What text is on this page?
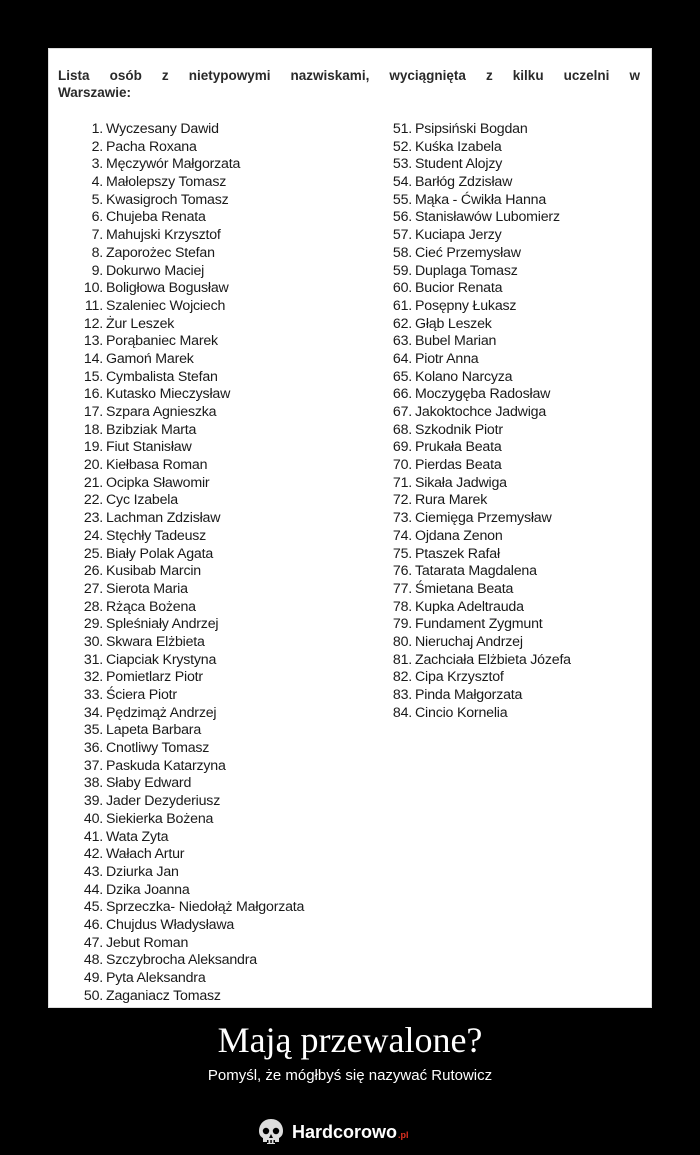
Lista osób z nietypowymi nazwiskami, wyciągnięta z kilku uczelni w
Warszawie:
1. Wyczesany Dawid
2. Pacha Roxana
3. Męczywór Małgorzata
4. Małolepszy Tomasz
5. Kwasigroch Tomasz
6. Chujeba Renata
7. Mahujski Krzysztof
8. Zaporożec Stefan
9. Dokurwo Maciej
10. Boligłowa Bogusław
11. Szaleniec Wojciech
12. Żur Leszek
13. Porąbaniec Marek
14. Gamoń Marek
15. Cymbalista Stefan
16. Kutasko Mieczysław
17. Szpara Agnieszka
18. Bzibziak Marta
19. Fiut Stanisław
20. Kiełbasa Roman
21. Ocipka Sławomir
22. Cyc Izabela
23. Lachman Zdzisław
24. Stęchły Tadeusz
25. Biały Polak Agata
26. Kusibab Marcin
27. Sierota Maria
28. Rżąca Bożena
29. Spleśniały Andrzej
30. Skwara Elżbieta
31. Ciapciak Krystyna
32. Pomietlarz Piotr
33. Ściera Piotr
34. Pędzimąż Andrzej
35. Lapeta Barbara
36. Cnotliwy Tomasz
37. Paskuda Katarzyna
38. Słaby Edward
39. Jader Dezyderiusz
40. Siekierka Bożena
41. Wata Zyta
42. Wałach Artur
43. Dziurka Jan
44. Dzika Joanna
45. Sprzeczka- Niedołąż Małgorzata
46. Chujdus Władysława
47. Jebut Roman
48. Szczybrocha Aleksandra
49. Pyta Aleksandra
50. Zaganiacz Tomasz
51. Psipsiński Bogdan
52. Kuśka Izabela
53. Student Alojzy
54. Barłóg Zdzisław
55. Mąka - Ćwikła Hanna
56. Stanisławów Lubomierz
57. Kuciapa Jerzy
58. Cieć Przemysław
59. Duplaga Tomasz
60. Bucior Renata
61. Posępny Łukasz
62. Głąb Leszek
63. Bubel Marian
64. Piotr Anna
65. Kolano Narcyza
66. Moczygęba Radosław
67. Jakoktochce Jadwiga
68. Szkodnik Piotr
69. Prukała Beata
70. Pierdas Beata
71. Sikała Jadwiga
72. Rura Marek
73. Ciemięga Przemysław
74. Ojdana Zenon
75. Ptaszek Rafał
76. Tatarata Magdalena
77. Śmietana Beata
78. Kupka Adeltrauda
79. Fundament Zygmunt
80. Nieruchaj Andrzej
81. Zachciała Elżbieta Józefa
82. Cipa Krzysztof
83. Pinda Małgorzata
84. Cincio Kornelia
Mają przewalone?
Pomyśl, że mógłbyś się nazywać Rutowicz
Hardcorowo .pl
